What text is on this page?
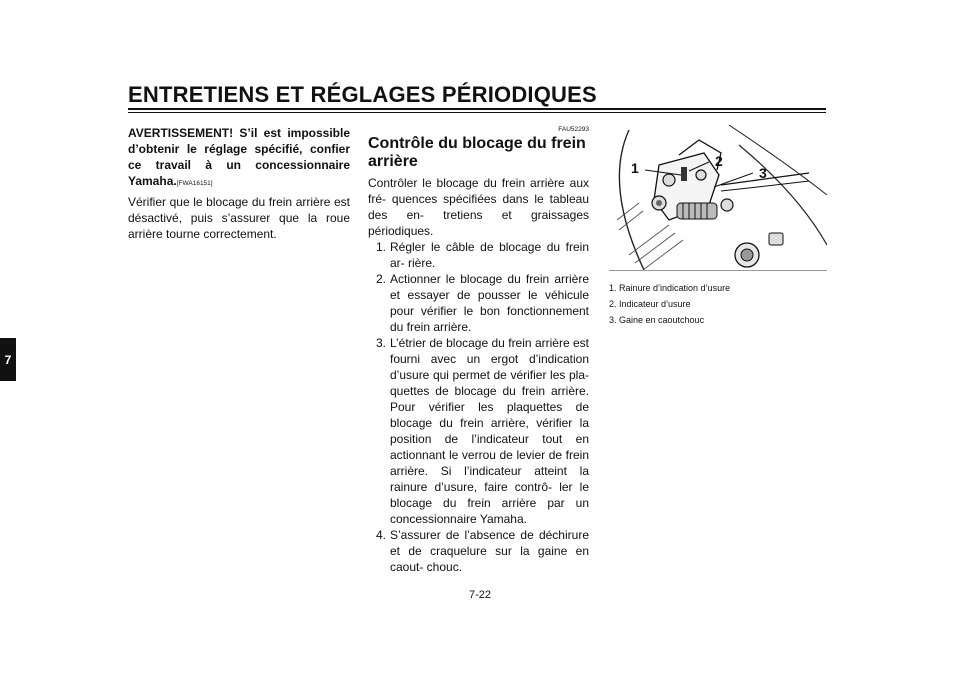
ENTRETIENS ET RÉGLAGES PÉRIODIQUES
7
AVERTISSEMENT! S’il est impossible d’obtenir le réglage spécifié, confier ce travail à un concessionnaire Yamaha.[FWA16151]
Vérifier que le blocage du frein arrière est désactivé, puis s’assurer que la roue arrière tourne correctement.
FAU52293
Contrôle du blocage du frein arrière
Contrôler le blocage du frein arrière aux fré- quences spécifiées dans le tableau des en- tretiens et graissages périodiques.
1. Régler le câble de blocage du frein ar- rière.
2. Actionner le blocage du frein arrière et essayer de pousser le véhicule pour vérifier le bon fonctionnement du frein arrière.
3. L’étrier de blocage du frein arrière est fourni avec un ergot d’indication d’usure qui permet de vérifier les pla- quettes de blocage du frein arrière. Pour vérifier les plaquettes de blocage du frein arrière, vérifier la position de l’indicateur tout en actionnant le verrou de levier de frein arrière. Si l’indicateur atteint la rainure d’usure, faire contrô- ler le blocage du frein arrière par un concessionnaire Yamaha.
4. S’assurer de l’absence de déchirure et de craquelure sur la gaine en caout- chouc.
1	2
3
1. Rainure d’indication d’usure
2. Indicateur d’usure
3. Gaine en caoutchouc
7-22
